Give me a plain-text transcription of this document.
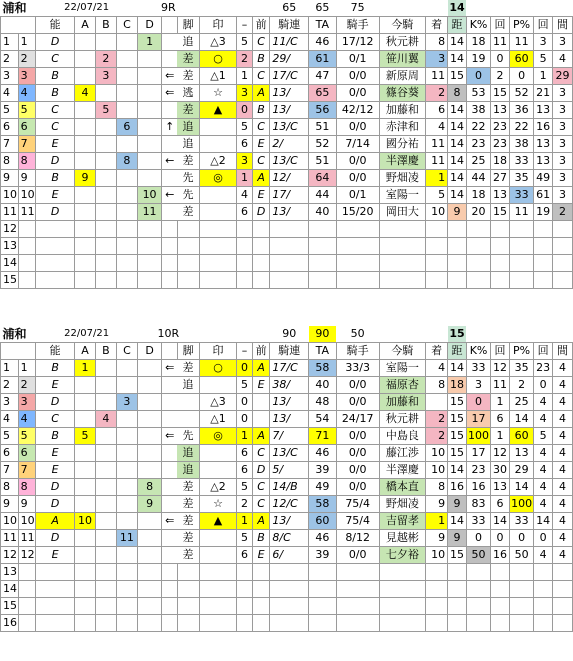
浦和		22/07/21				9R						65	65	75			14					
		能	A	B	C	D		脚	印	–	前	騎連	TA	騎手	今騎	着	距	K%	回	P%	回	間
1	1	D				1		追	△3	5	C	11/C	46	17/12	秋元耕	8	14	18	11	11	3	3
2	2	C		2				差	○	2	B	29/	61	0/1	笹川翼	3	14	19	0	60	5	4
3	3	B		3			⇐	差	△1	1	C	17/C	47	0/0	新原周	11	15	0	2	0	1	29
4	4	B	4				⇐	逃	☆	3	A	13/	65	0/0	篠谷葵	2	8	53	15	52	21	3
5	5	C		5				差	▲	0	B	13/	56	42/12	加藤和	6	14	38	13	36	13	3
6	6	C			6		↑	追		5	C	13/C	51	0/0	赤津和	4	14	22	23	22	16	3
7	7	E						追		6	E	2/	52	7/14	國分祐	11	14	23	23	38	13	3
8	8	D			8		←	差	△2	3	C	13/C	51	0/0	半澤慶	11	14	25	18	33	13	3
9	9	B	9					先	◎	1	A	12/	64	0/0	野畑凌	1	14	44	27	35	49	3
10	10	E				10	←	先		4	E	17/	44	0/1	室陽一	5	14	18	13	33	61	3
11	11	D				11		差		6	D	13/	40	15/20	岡田大	10	9	20	15	11	19	2
12																						
13																						
14																						
15																						
浦和		22/07/21				10R						90	90	50			15					
		能	A	B	C	D		脚	印	–	前	騎連	TA	騎手	今騎	着	距	K%	回	P%	回	間
1	1	B	1				⇐	差	○	0	A	17/C	58	33/3	室陽一	4	14	33	12	35	23	4
2	2	E						追		5	E	38/	40	0/0	福原杏	8	18	3	11	2	0	4
3	3	D			3				△3	0		13/	48	0/0	加藤和		15	0	1	25	4	4
4	4	C		4					△1	0		13/	54	24/17	秋元耕	2	15	17	6	14	4	4
5	5	B	5				⇐	先	◎	1	A	7/	71	0/0	中島良	2	15	100	1	60	5	4
6	6	E						追		6	C	13/C	46	0/0	藤江渉	10	15	17	12	13	4	4
7	7	E						追		6	D	5/	39	0/0	半澤慶	10	14	23	30	29	4	4
8	8	D				8		差	△2	5	C	14/B	49	0/0	橋本直	8	16	16	13	14	4	4
9	9	D				9		差	☆	2	C	12/C	58	75/4	野畑凌	9	9	83	6	100	4	4
10	10	A	10				⇐	差	▲	1	A	13/	60	75/4	吉留孝	1	14	33	14	33	14	4
11	11	D			11			差		5	B	8/C	46	8/12	見越彬	9	9	0	0	0	0	4
12	12	E						差		6	E	6/	39	0/0	七夕裕	10	15	50	16	50	4	4
13																						
14																						
15																						
16																						
